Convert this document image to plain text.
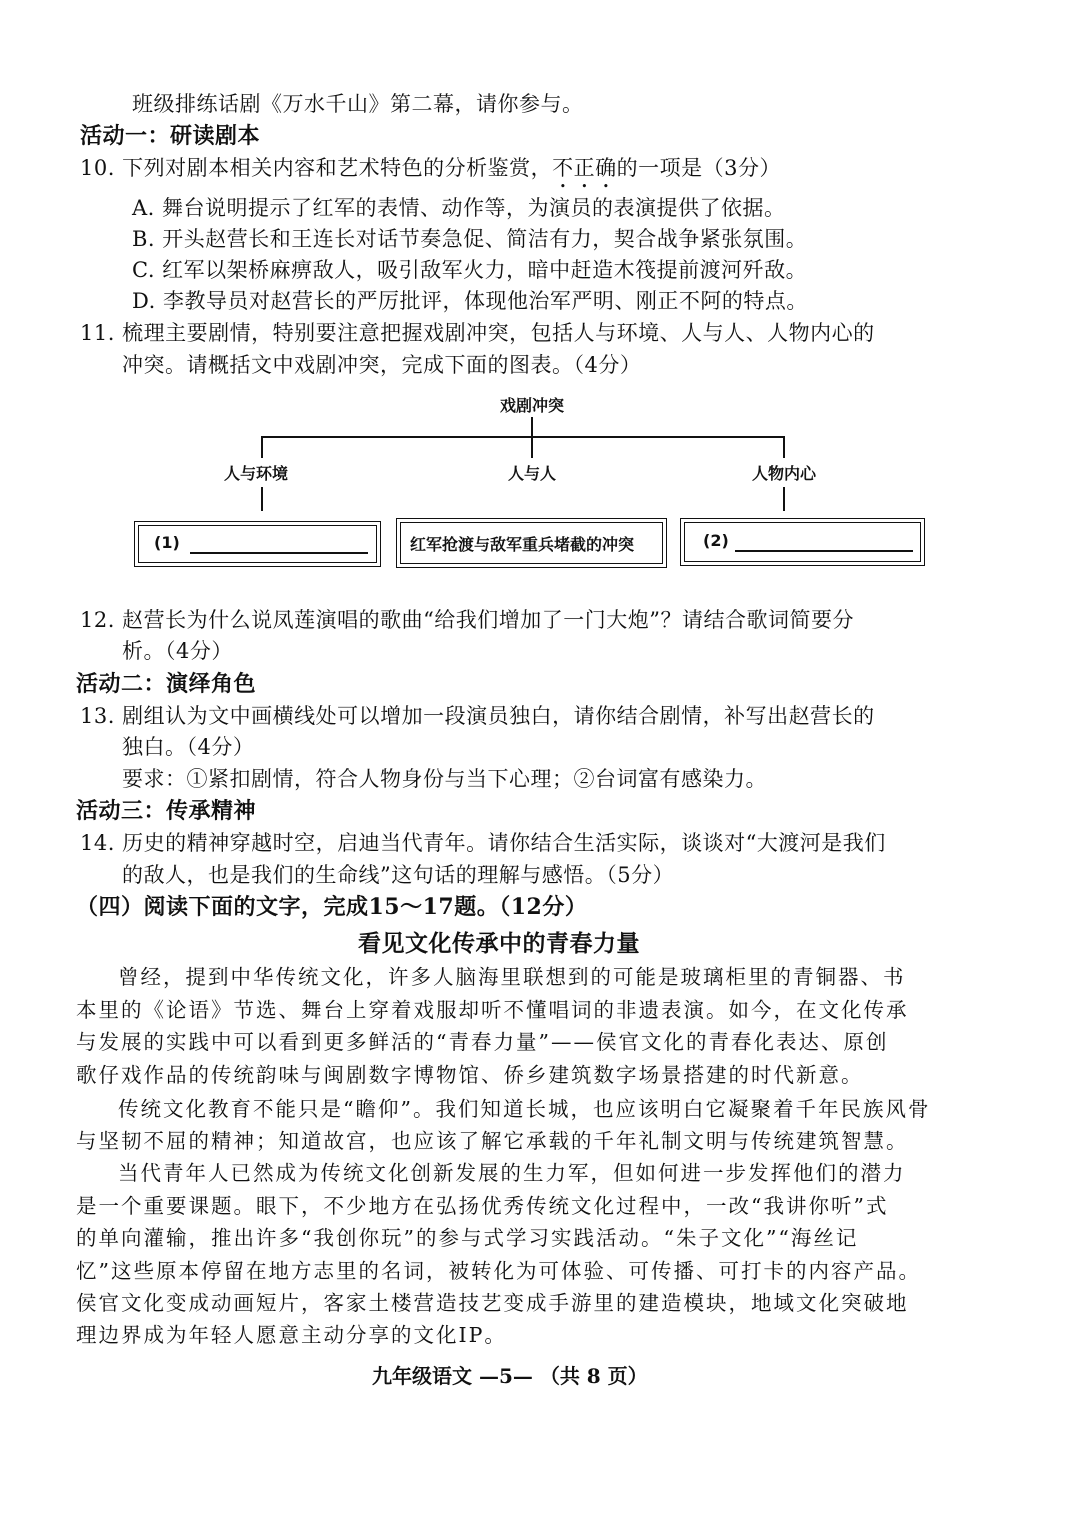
班级排练话剧《万水千山》第二幕，请你参与。
活动一：研读剧本
10. 下列对剧本相关内容和艺术特色的分析鉴赏，不正确的一项是（3分）
A. 舞台说明提示了红军的表情、动作等，为演员的表演提供了依据。
B. 开头赵营长和王连长对话节奏急促、简洁有力，契合战争紧张氛围。
C. 红军以架桥麻痹敌人，吸引敌军火力，暗中赶造木筏提前渡河歼敌。
D. 李教导员对赵营长的严厉批评，体现他治军严明、刚正不阿的特点。
11. 梳理主要剧情，特别要注意把握戏剧冲突，包括人与环境、人与人、人物内心的
冲突。请概括文中戏剧冲突，完成下面的图表。（4分）
戏剧冲突
人与环境	人与人	人物内心
(1)	红军抢渡与敌军重兵堵截的冲突	(2)
12. 赵营长为什么说凤莲演唱的歌曲“给我们增加了一门大炮”？请结合歌词简要分
析。（4分）
活动二：演绎角色
13. 剧组认为文中画横线处可以增加一段演员独白，请你结合剧情，补写出赵营长的
独白。（4分）
要求：①紧扣剧情，符合人物身份与当下心理；②台词富有感染力。
活动三：传承精神
14. 历史的精神穿越时空，启迪当代青年。请你结合生活实际，谈谈对“大渡河是我们
的敌人，也是我们的生命线”这句话的理解与感悟。（5分）
（四）阅读下面的文字，完成15～17题。（12分）
看见文化传承中的青春力量
曾经，提到中华传统文化，许多人脑海里联想到的可能是玻璃柜里的青铜器、书
本里的《论语》节选、舞台上穿着戏服却听不懂唱词的非遗表演。如今，在文化传承
与发展的实践中可以看到更多鲜活的“青春力量”——侯官文化的青春化表达、原创
歌仔戏作品的传统韵味与闽剧数字博物馆、侨乡建筑数字场景搭建的时代新意。
传统文化教育不能只是“瞻仰”。我们知道长城，也应该明白它凝聚着千年民族风骨
与坚韧不屈的精神；知道故宫，也应该了解它承载的千年礼制文明与传统建筑智慧。
当代青年人已然成为传统文化创新发展的生力军，但如何进一步发挥他们的潜力
是一个重要课题。眼下，不少地方在弘扬优秀传统文化过程中，一改“我讲你听”式
的单向灌输，推出许多“我创你玩”的参与式学习实践活动。“朱子文化”“海丝记
忆”这些原本停留在地方志里的名词，被转化为可体验、可传播、可打卡的内容产品。
侯官文化变成动画短片，客家土楼营造技艺变成手游里的建造模块，地域文化突破地
理边界成为年轻人愿意主动分享的文化IP。
九年级语文 —5— （共 8 页）
